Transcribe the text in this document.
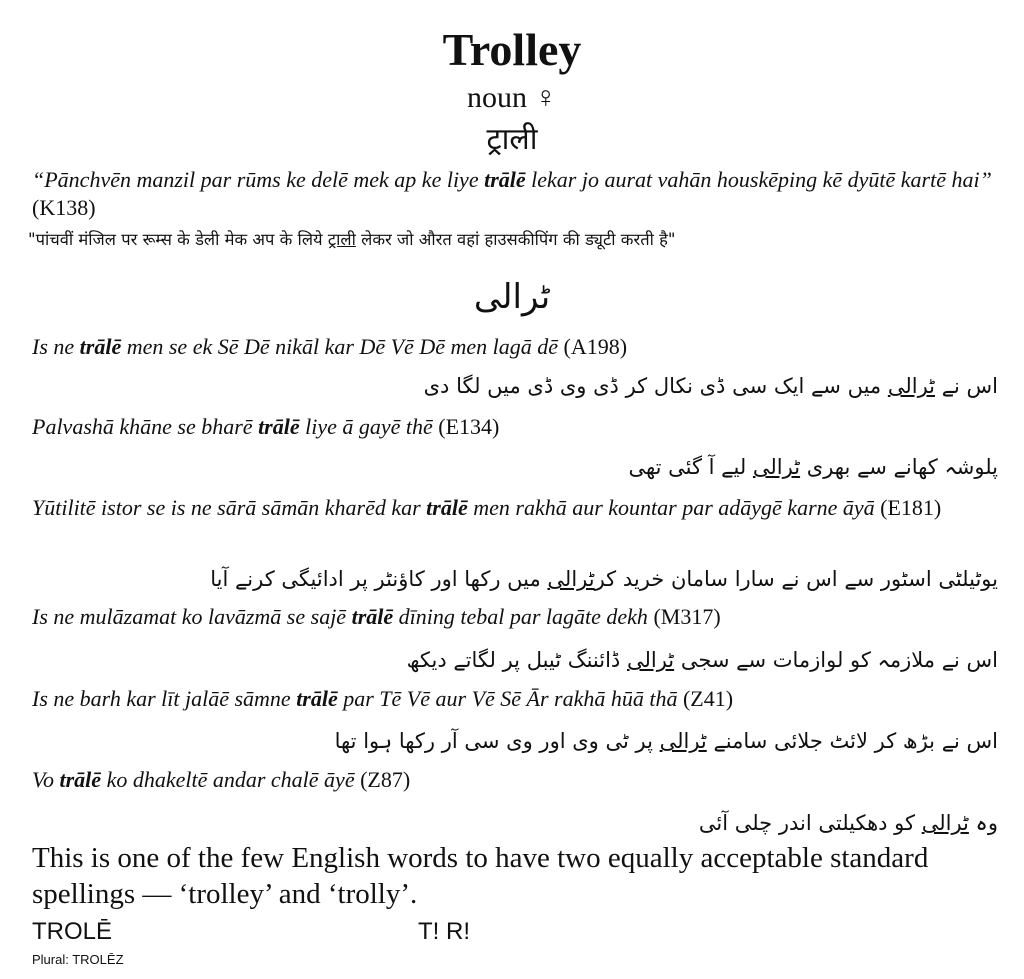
Trolley
noun ♀
ट्राली
“Pānchvēn manzil par rūms ke delē mek ap ke liye trālē lekar jo aurat vahān houskēping kē dyūtē kartē hai” (K138)
"पांचवीं मंजिल पर रूम्स के डेली मेक अप के लिये ट्राली लेकर जो औरत वहां हाउसकीपिंग की ड्यूटी करती है"
ٹرالی
Is ne trālē men se ek Sē Dē nikāl kar Dē Vē Dē men lagā dē (A198)
اس نے ٹرالی میں سے ایک سی ڈی نکال کر ڈی وی ڈی میں لگا دی
Palvashā khāne se bharē trālē liye ā gayē thē (E134)
پلوشہ کھانے سے بھری ٹرالی لیے آ گئی تھی
Yūtilitē istor se is ne sārā sāmān kharēd kar trālē men rakhā aur kountar par adāygē karne āyā (E181)
یوٹیلٹی اسٹور سے اس نے سارا سامان خرید کرٹرالی میں رکھا اور کاؤنٹر پر ادائیگی کرنے آیا
Is ne mulāzamat ko lavāzmā se sajē trālē dīning tebal par lagāte dekh (M317)
اس نے ملازمہ کو لوازمات سے سجی ٹرالی ڈائننگ ٹیبل پر لگاتے دیکھ
Is ne barh kar līt jalāē sāmne trālē par Tē Vē aur Vē Sē Ār rakhā hūā thā (Z41)
اس نے بڑھ کر لائٹ جلائی سامنے ٹرالی پر ٹی وی اور وی سی آر رکھا ہوا تھا
Vo trālē ko dhakeltē andar chalē āyē (Z87)
وہ ٹرالی کو دھکیلتی اندر چلی آئی
This is one of the few English words to have two equally acceptable standard spellings — ‘trolley’ and ‘trolly’.
TROLĒ	T! R!
Plural: TROLĒZ
